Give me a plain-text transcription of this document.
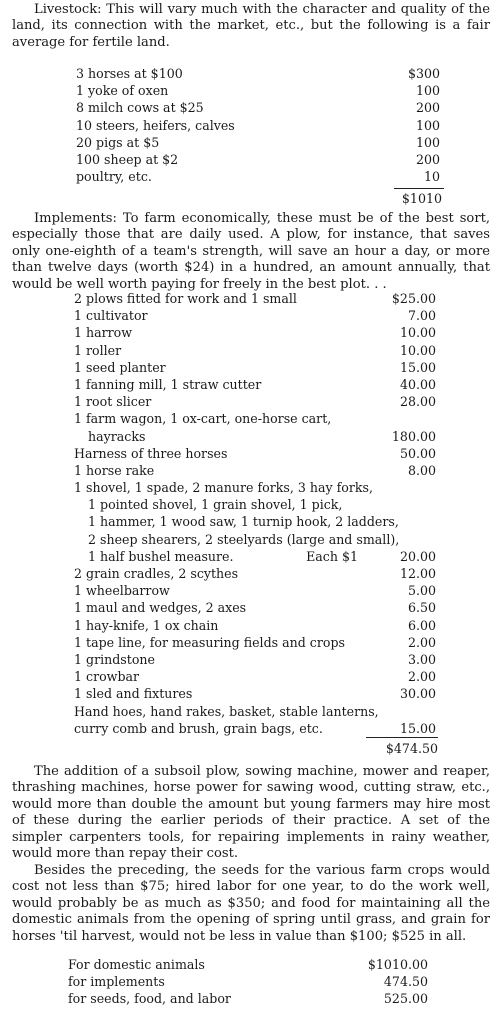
Livestock: This will vary much with the character and quality of the land, its connection with the market, etc., but the following is a fair average for fertile land.
3 horses at $100	$300
1 yoke of oxen	100
8 milch cows at $25	200
10 steers, heifers, calves	100
20 pigs at $5	100
100 sheep at $2	200
poultry, etc.	10
$1010
Implements: To farm economically, these must be of the best sort, especially those that are daily used. A plow, for instance, that saves only one-eighth of a team's strength, will save an hour a day, or more than twelve days (worth $24) in a hundred, an amount annually, that would be well worth paying for freely in the best plot. . .
2 plows fitted for work and 1 small	$25.00
1 cultivator	7.00
1 harrow	10.00
1 roller	10.00
1 seed planter	15.00
1 fanning mill, 1 straw cutter	40.00
1 root slicer	28.00
1 farm wagon, 1 ox-cart, one-horse cart,
hayracks	180.00
Harness of three horses	50.00
1 horse rake	8.00
1 shovel, 1 spade, 2 manure forks, 3 hay forks,
1 pointed shovel, 1 grain shovel, 1 pick,
1 hammer, 1 wood saw, 1 turnip hook, 2 ladders,
2 sheep shearers, 2 steelyards (large and small),
1 half bushel measure.	Each $1	20.00
2 grain cradles, 2 scythes	12.00
1 wheelbarrow	5.00
1 maul and wedges, 2 axes	6.50
1 hay-knife, 1 ox chain	6.00
1 tape line, for measuring fields and crops	2.00
1 grindstone	3.00
1 crowbar	2.00
1 sled and fixtures	30.00
Hand hoes, hand rakes, basket, stable lanterns,
curry comb and brush, grain bags, etc.	15.00
$474.50
The addition of a subsoil plow, sowing machine, mower and reaper, thrashing machines, horse power for sawing wood, cutting straw, etc., would more than double the amount but young farmers may hire most of these during the earlier periods of their practice. A set of the simpler carpenters tools, for repairing implements in rainy weather, would more than repay their cost.
Besides the preceding, the seeds for the various farm crops would cost not less than $75; hired labor for one year, to do the work well, would probably be as much as $350; and food for maintaining all the domestic animals from the opening of spring until grass, and grain for horses 'til harvest, would not be less in value than $100; $525 in all.
For domestic animals	$1010.00
for implements	474.50
for seeds, food, and labor	525.00
